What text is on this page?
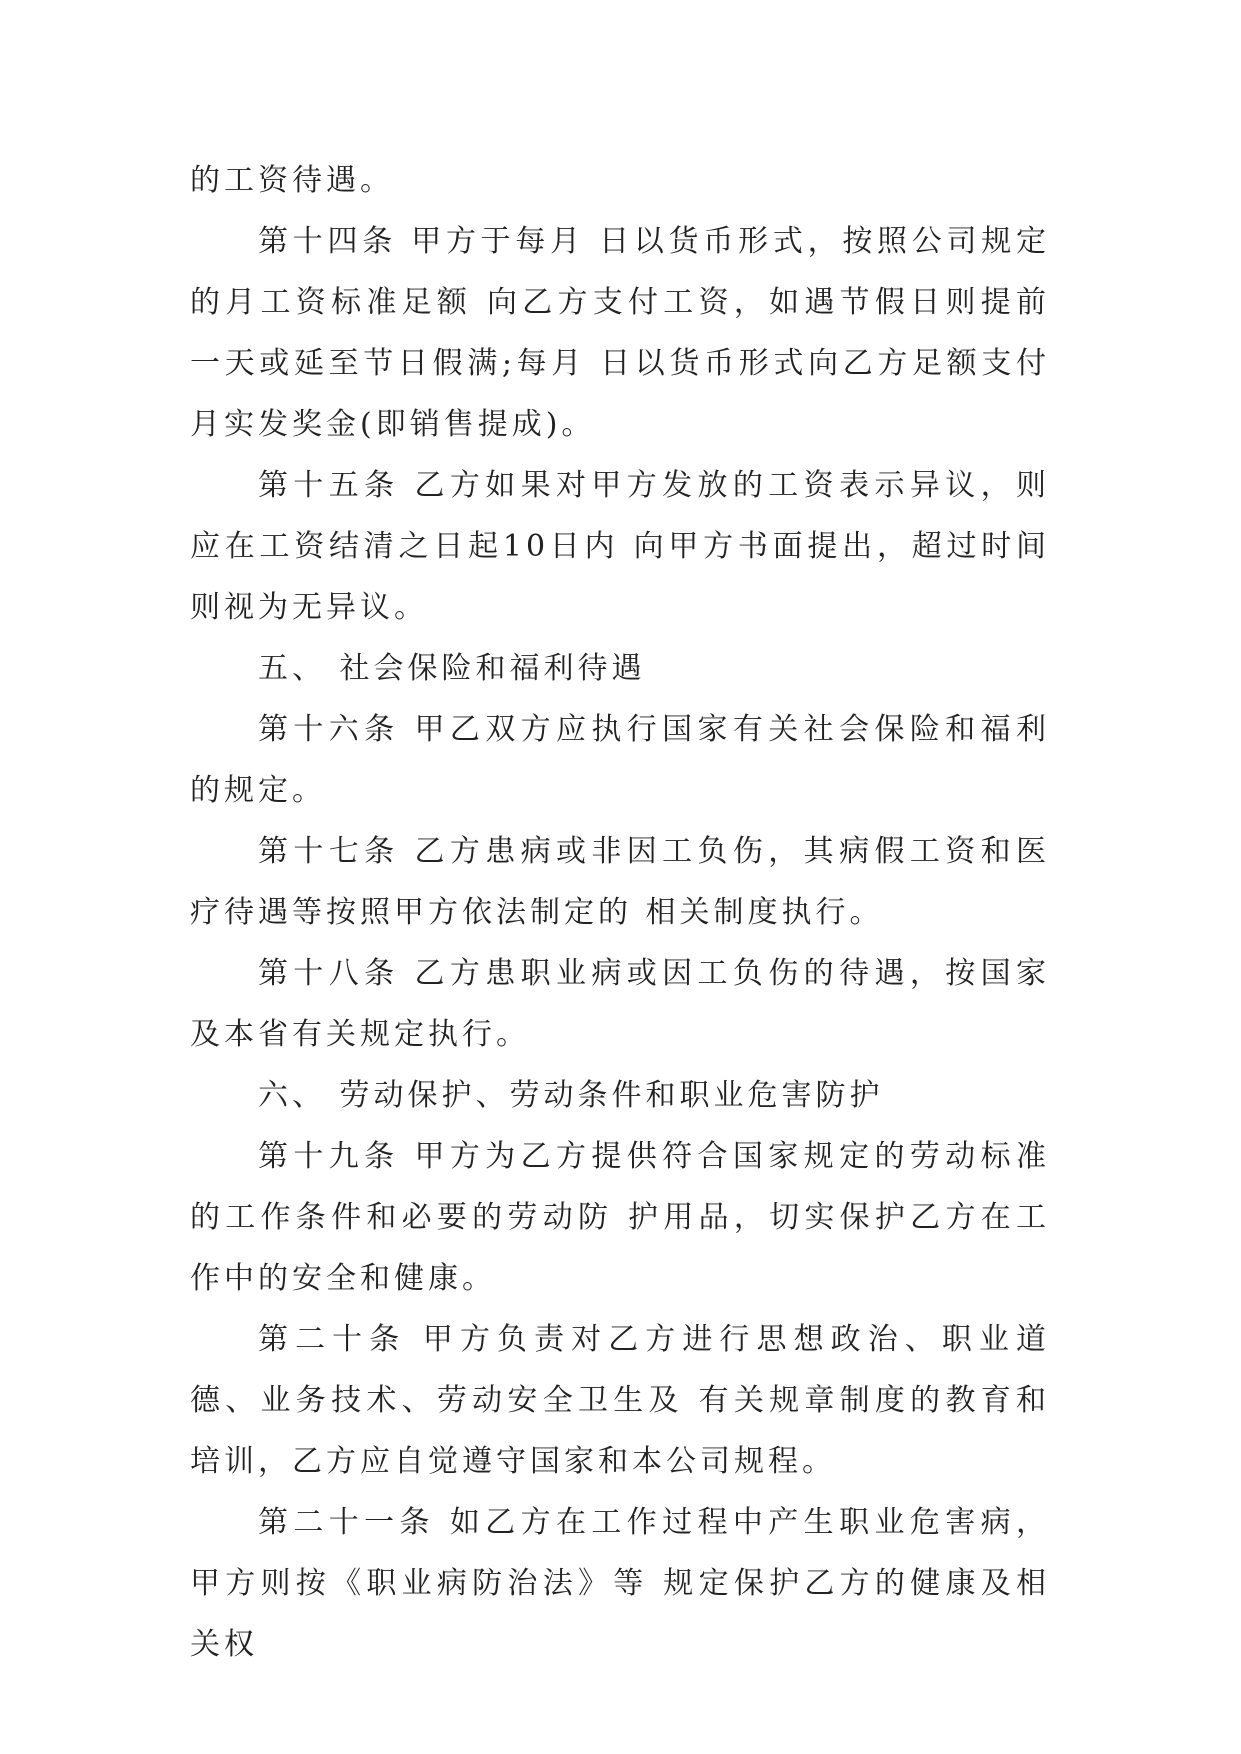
的工资待遇。

第十四条 甲方于每月 日以货币形式，按照公司规定的月工资标准足额 向乙方支付工资，如遇节假日则提前一天或延至节日假满;每月 日以货币形式向乙方足额支付月实发奖金(即销售提成)。

第十五条 乙方如果对甲方发放的工资表示异议，则应在工资结清之日起10日内 向甲方书面提出，超过时间则视为无异议。

五、 社会保险和福利待遇

第十六条 甲乙双方应执行国家有关社会保险和福利的规定。

第十七条 乙方患病或非因工负伤，其病假工资和医疗待遇等按照甲方依法制定的 相关制度执行。

第十八条 乙方患职业病或因工负伤的待遇，按国家及本省有关规定执行。

六、 劳动保护、劳动条件和职业危害防护

第十九条 甲方为乙方提供符合国家规定的劳动标准的工作条件和必要的劳动防 护用品，切实保护乙方在工作中的安全和健康。

第二十条 甲方负责对乙方进行思想政治、职业道德、业务技术、劳动安全卫生及 有关规章制度的教育和培训，乙方应自觉遵守国家和本公司规程。

第二十一条 如乙方在工作过程中产生职业危害病，甲方则按《职业病防治法》等 规定保护乙方的健康及相关权
